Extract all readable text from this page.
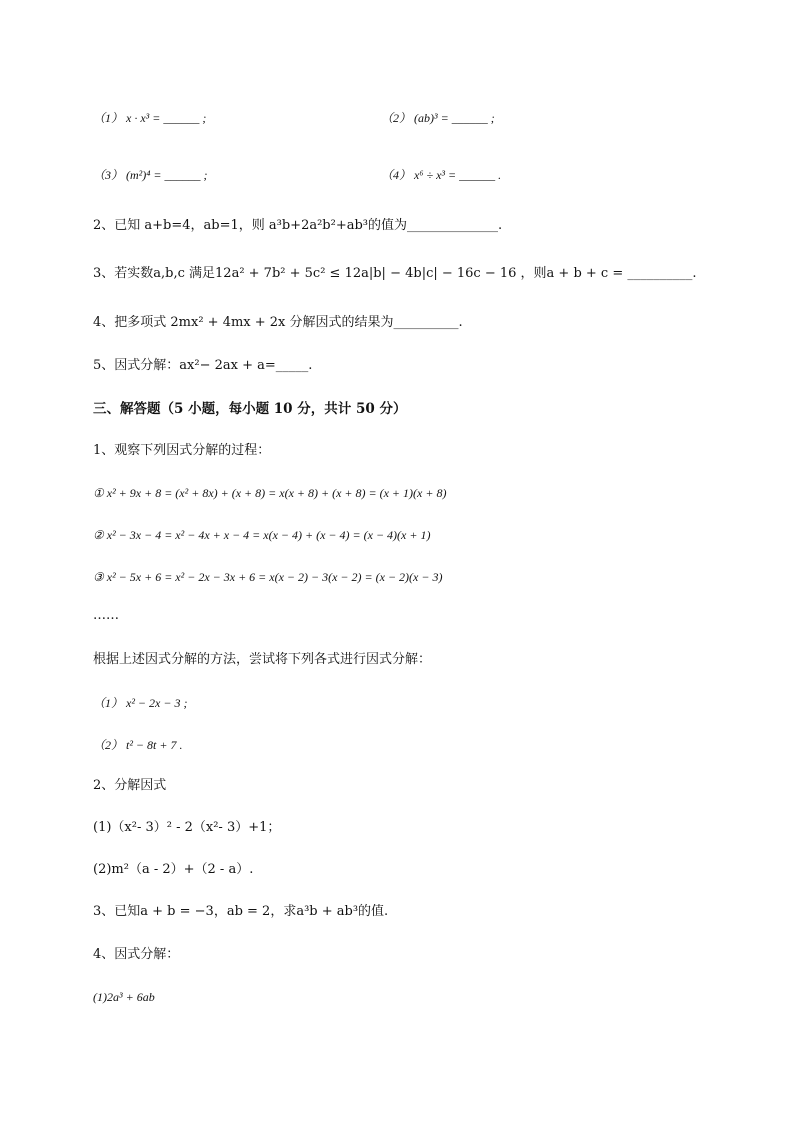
（1） x · x³ = ______ ;	（2） (ab)³ = ______ ;
（3） (m²)⁴ = ______ ;	（4） x⁶ ÷ x³ = ______ .
2、已知 a+b=4，ab=1，则 a³b+2a²b²+ab³的值为______________.
3、若实数a,b,c 满足12a² + 7b² + 5c² ≤ 12a|b| − 4b|c| − 16c − 16 ，则a + b + c = __________.
4、把多项式 2mx² + 4mx + 2x 分解因式的结果为__________.
5、因式分解：ax²− 2ax + a=_____.
三、解答题（5 小题，每小题 10 分，共计 50 分）
1、观察下列因式分解的过程：
① x² + 9x + 8 = (x² + 8x) + (x + 8) = x(x + 8) + (x + 8) = (x + 1)(x + 8)
② x² − 3x − 4 = x² − 4x + x − 4 = x(x − 4) + (x − 4) = (x − 4)(x + 1)
③ x² − 5x + 6 = x² − 2x − 3x + 6 = x(x − 2) − 3(x − 2) = (x − 2)(x − 3)
……
根据上述因式分解的方法，尝试将下列各式进行因式分解：
（1） x² − 2x − 3 ;
（2） t² − 8t + 7 .
2、分解因式
(1)（x²- 3）² - 2（x²- 3）+1；
(2)m²（a - 2）+（2 - a）.
3、已知a + b = −3，ab = 2，求a³b + ab³的值.
4、因式分解：
(1)2a³ + 6ab
